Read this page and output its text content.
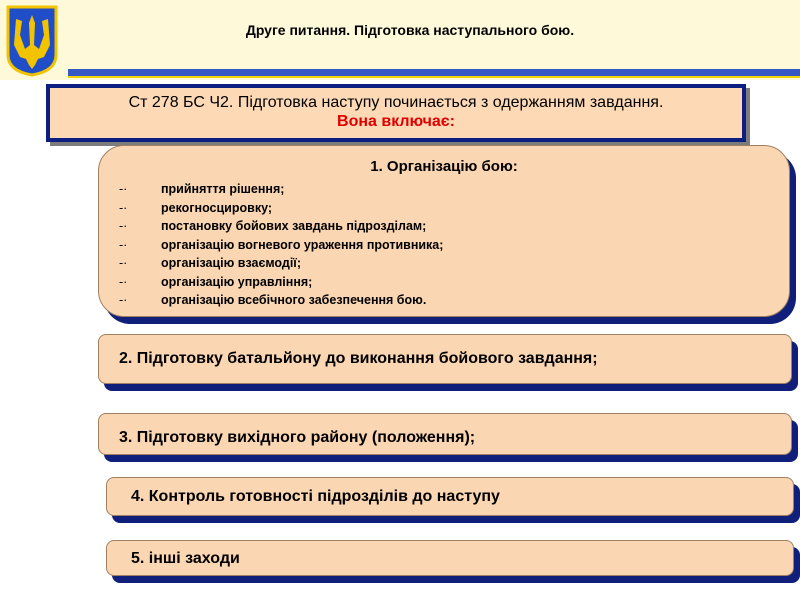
Друге питання. Підготовка наступального бою.
Ст 278 БС Ч2. Підготовка наступу починається з одержанням завдання.
Вона включає:
1. Організацію бою:
-·	прийняття рішення;
-·	рекогносцировку;
-·	постановку бойових завдань підрозділам;
-·	організацію вогневого ураження противника;
-·	організацію взаємодії;
-·	організацію управління;
-·	організацію всебічного забезпечення бою.
2. Підготовку батальйону до виконання бойового завдання;
3. Підготовку вихідного району (положення);
4. Контроль готовності підрозділів до наступу
5. інші заходи
